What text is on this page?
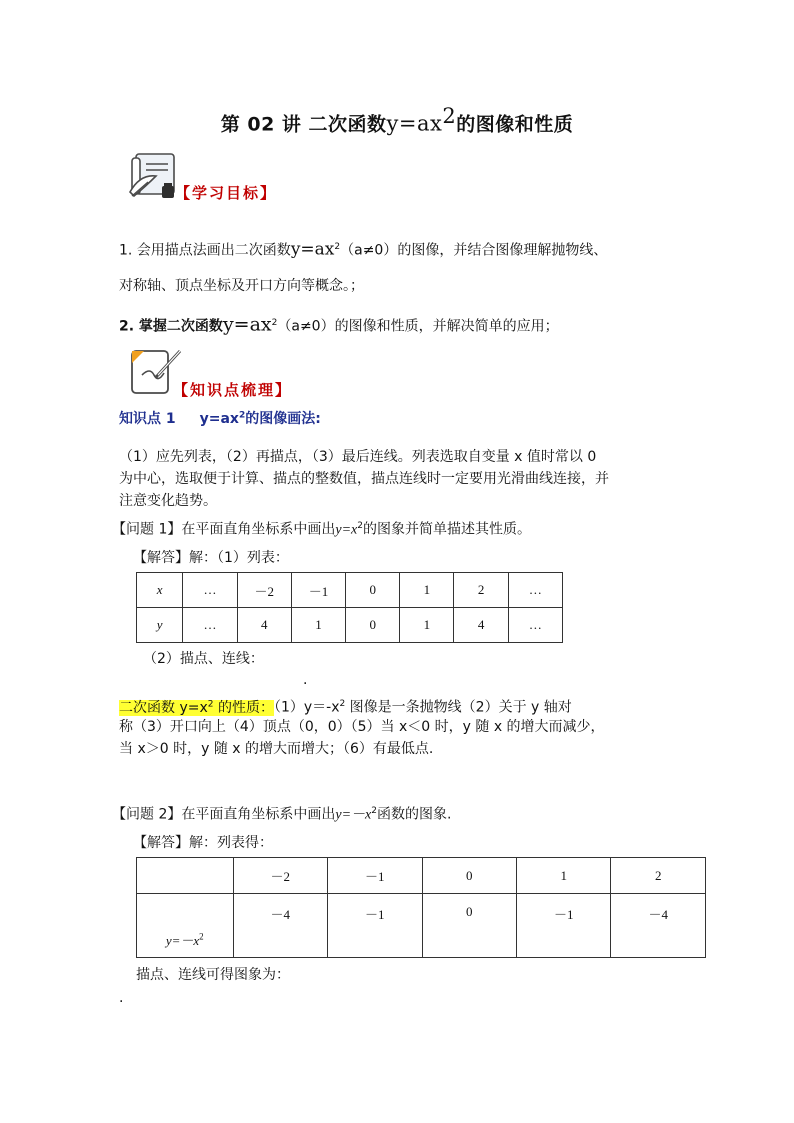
第 02 讲 二次函数$y=ax^2$的图像和性质
【学习目标】
1. 会用描点法画出二次函数$y=ax^2(a\ne 0)$的图像，并结合图像理解抛物线、
对称轴、顶点坐标及开口方向等概念。；
2. 掌握二次函数$y=ax^2(a\ne 0)$的图像和性质，并解决简单的应用；
【知识点梳理】
知识点 1 $y=ax^2$的图像画法:
（1）应先列表，（2）再描点，（3）最后连线。列表选取自变量 x 值时常以 0
为中心，选取便于计算、描点的整数值，描点连线时一定要用光滑曲线连接，并
注意变化趋势。
【问题 1】在平面直角坐标系中画出$y=x^2$的图象并简单描述其性质。
【解答】解：（1）列表：
x	…	－2	－1	0	1	2	…
y	…	4	1	0	1	4	…
（2）描点、连线：
.
二次函数 $y=x^2$ 的性质：$(1)y=-x^2$ 图像是一条抛物线（2）关于 y 轴对
称（3）开口向上（4）顶点（0，0）（5）当 x＜0 时，y 随 x 的增大而减少，
当 x＞0 时，y 随 x 的增大而增大；（6）有最低点.
【问题 2】在平面直角坐标系中画出$y=-x^2$函数的图象.
【解答】解：列表得：
	－2	－1	0	1	2
$y=-x^2$	－4	－1	0	－1	－4
描点、连线可得图象为：
.
